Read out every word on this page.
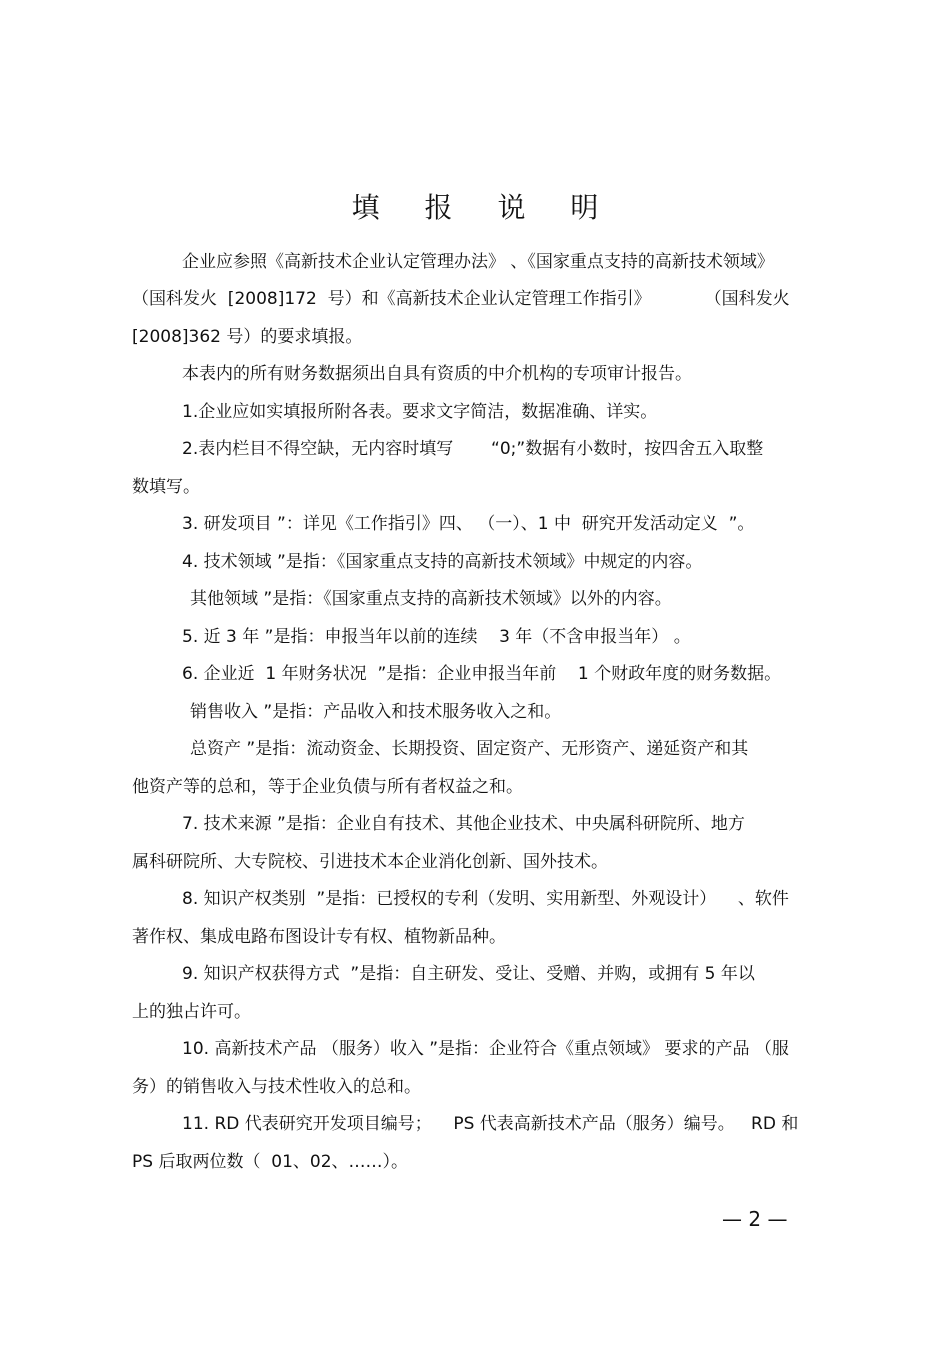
填 报 说 明
企业应参照《高新技术企业认定管理办法》 、《国家重点支持的高新技术领域》
（国科发火  [2008]172  号）和《高新技术企业认定管理工作指引》          （国科发火
[2008]362 号）的要求填报。
本表内的所有财务数据须出自具有资质的中介机构的专项审计报告。
1.企业应如实填报所附各表。要求文字简洁，数据准确、详实。
2.表内栏目不得空缺，无内容时填写       “0;”数据有小数时，按四舍五入取整
数填写。
3. 研发项目 ”：详见《工作指引》四、 （一）、1 中  研究开发活动定义  ”。
4. 技术领域 ”是指：《国家重点支持的高新技术领域》中规定的内容。
其他领域 ”是指：《国家重点支持的高新技术领域》以外的内容。
5. 近 3 年 ”是指：申报当年以前的连续    3 年（不含申报当年） 。
6. 企业近  1 年财务状况  ”是指：企业申报当年前    1 个财政年度的财务数据。
销售收入 ”是指：产品收入和技术服务收入之和。
总资产 ”是指：流动资金、长期投资、固定资产、无形资产、递延资产和其
他资产等的总和，等于企业负债与所有者权益之和。
7. 技术来源 ”是指：企业自有技术、其他企业技术、中央属科研院所、地方
属科研院所、大专院校、引进技术本企业消化创新、国外技术。
8. 知识产权类别  ”是指：已授权的专利（发明、实用新型、外观设计）    、软件
著作权、集成电路布图设计专有权、植物新品种。
9. 知识产权获得方式  ”是指：自主研发、受让、受赠、并购，或拥有 5 年以
上的独占许可。
10. 高新技术产品 （服务）收入 ”是指：企业符合《重点领域》 要求的产品 （服
务）的销售收入与技术性收入的总和。
11. RD 代表研究开发项目编号；    PS 代表高新技术产品（服务）编号。   RD 和
PS 后取两位数（  01、02、……）。
— 2 —
